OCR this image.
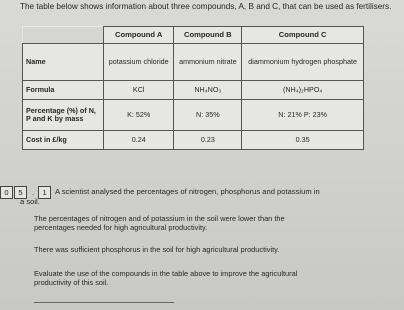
The table below shows information about three compounds, A, B and C, that can be used as fertilisers.

	Compound A	Compound B	Compound C
Name	potassium chloride	ammonium nitrate	diammonium hydrogen phosphate
Formula	KCl	NH₄NO₃	(NH₄)₂HPO₄
Percentage (%) of N, P and K by mass	K: 52%	N: 35%	N: 21% P: 23%
Cost in £/kg	0.24	0.23	0.35
0	5	.	1	A scientist analysed the percentages of nitrogen, phosphorus and potassium in

a soil.

The percentages of nitrogen and of potassium in the soil were lower than the

percentages needed for high agricultural productivity.

There was sufficient phosphorus in the soil for high agricultural productivity.

Evaluate the use of the compounds in the table above to improve the agricultural

productivity of this soil.
